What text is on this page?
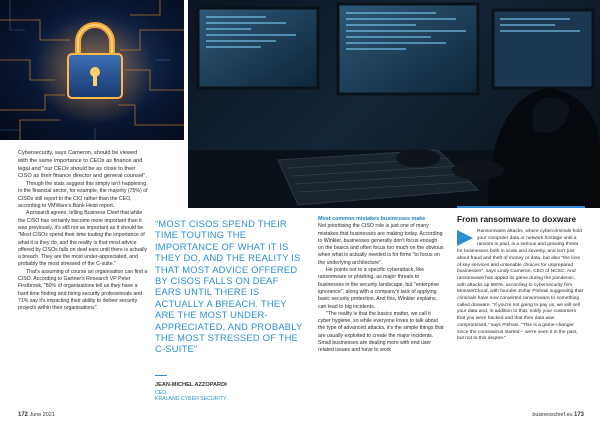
Cybersecurity, says Cameron, should be viewed with the same importance to CEOs as finance and legal and "our CEOs should be as close to their CISO as their finance director and general counsel".

Though the stats suggest this simply isn't happening. In the financial sector, for example, the majority (75%) of CISOs still report to the CIO rather than the CEO, according to VMWare's Bank Heist report.

Azzopardi agrees, telling Business Chief that while the CISO has certainly become more important than it was previously, it's still not as important as it should be. "Most CISOs spend their time touting the importance of what it is they do, and the reality is that most advice offered by CISOs falls on deaf ears until there is actually a breach. They are the most under-appreciated, and probably the most stressed of the C-suite."

That's assuming of course an organisation can find a CISO. According to Gartner's Research VP Peter Firstbrook, "80% of organisations tell us they have a hard time finding and hiring security professionals and 71% say it's impacting their ability to deliver security projects within their organisations".

“MOST CISOS SPEND THEIR TIME TOUTING THE IMPORTANCE OF WHAT IT IS THEY DO, AND THE REALITY IS THAT MOST ADVICE OFFERED BY CISOS FALLS ON DEAF EARS UNTIL THERE IS ACTUALLY A BREACH. THEY ARE THE MOST UNDER-APPRECIATED, AND PROBABLY THE MOST STRESSED OF THE C-SUITE”
JEAN-MICHEL AZZOPARDI
CEO
KRALAND CYBER SECURITY

Most common mistakes businesses make

Not prioritising the CISO role is just one of many mistakes that businesses are making today. According to Winkler, businesses generally don't focus enough on the basics and often focus too much on the obvious when what is actually needed is for firms "to focus on the underlying architecture".

He points not to a specific cyberattack, like ransomware or phishing, as major threats to businesses in the security landscape, but "enterprise ignorance", along with a company's lack of applying basic security protection. And this, Winkler explains, can lead to big incidents.

"The reality is that the basics matter, we call it cyber hygiene, so while everyone loves to talk about the type of advanced attacks, it's the simple things that are usually exploited to create the major incidents. Small businesses are dealing more with end user related issues and have to work

From ransomware to doxware
Ransomware attacks, where cybercriminals hold your computer data or network hostage until a ransom is paid, is a serious and growing threat for businesses both in scale and severity, and isn't just about fraud and theft of money or data, but also "the loss of key services and untenable choices for unprepared businesses", says Lindy Cameron, CEO of NCSC. And ransomware has upped its game during the pandemic, with attacks up 800%, according to cybersecurity firm MonsterCloud, with founder Zohar Pinhasi suggesting that criminals have now converted ransomware to something called doxware. "If you're not going to pay us, we will sell your data and, in addition to that, notify your customers that you were hacked and that their data was compromised," says Pinhasi. "This is a game-changer since the coronavirus started – we're seen it in the past, but not to this degree."
172 June 2021	businesschief.eu 173
